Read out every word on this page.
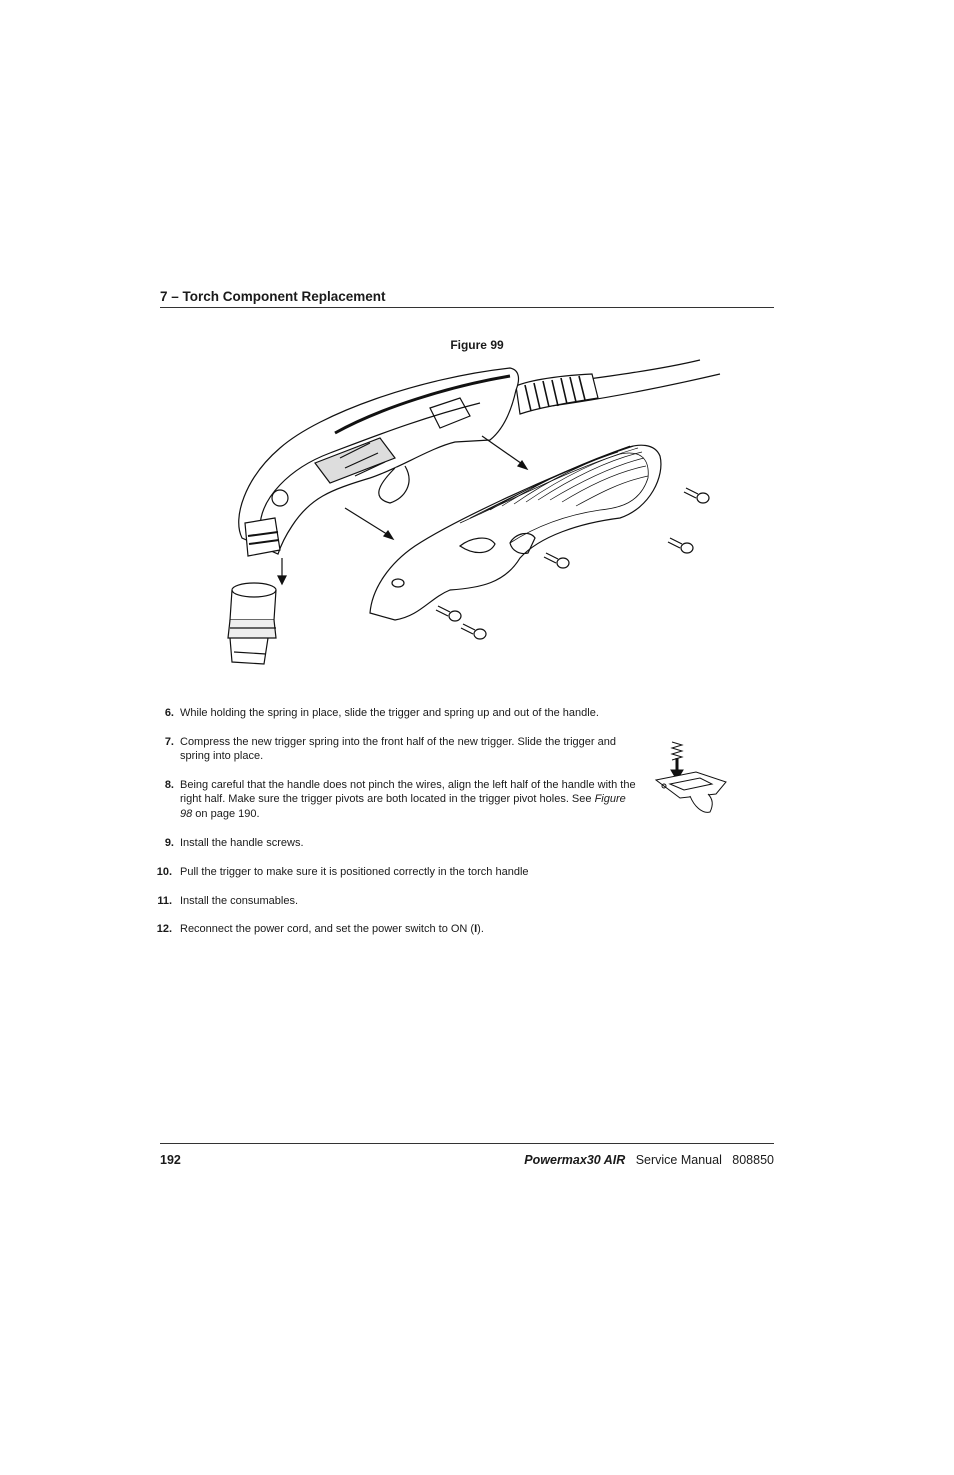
7 – Torch Component Replacement
Figure 99
6. While holding the spring in place, slide the trigger and spring up and out of the handle.
7. Compress the new trigger spring into the front half of the new trigger. Slide the trigger and spring into place.
8. Being careful that the handle does not pinch the wires, align the left half of the handle with the right half. Make sure the trigger pivots are both located in the trigger pivot holes. See Figure 98 on page 190.
9. Install the handle screws.
10. Pull the trigger to make sure it is positioned correctly in the torch handle
11. Install the consumables.
12. Reconnect the power cord, and set the power switch to ON (I).
192	Powermax30 AIR Service Manual 808850
